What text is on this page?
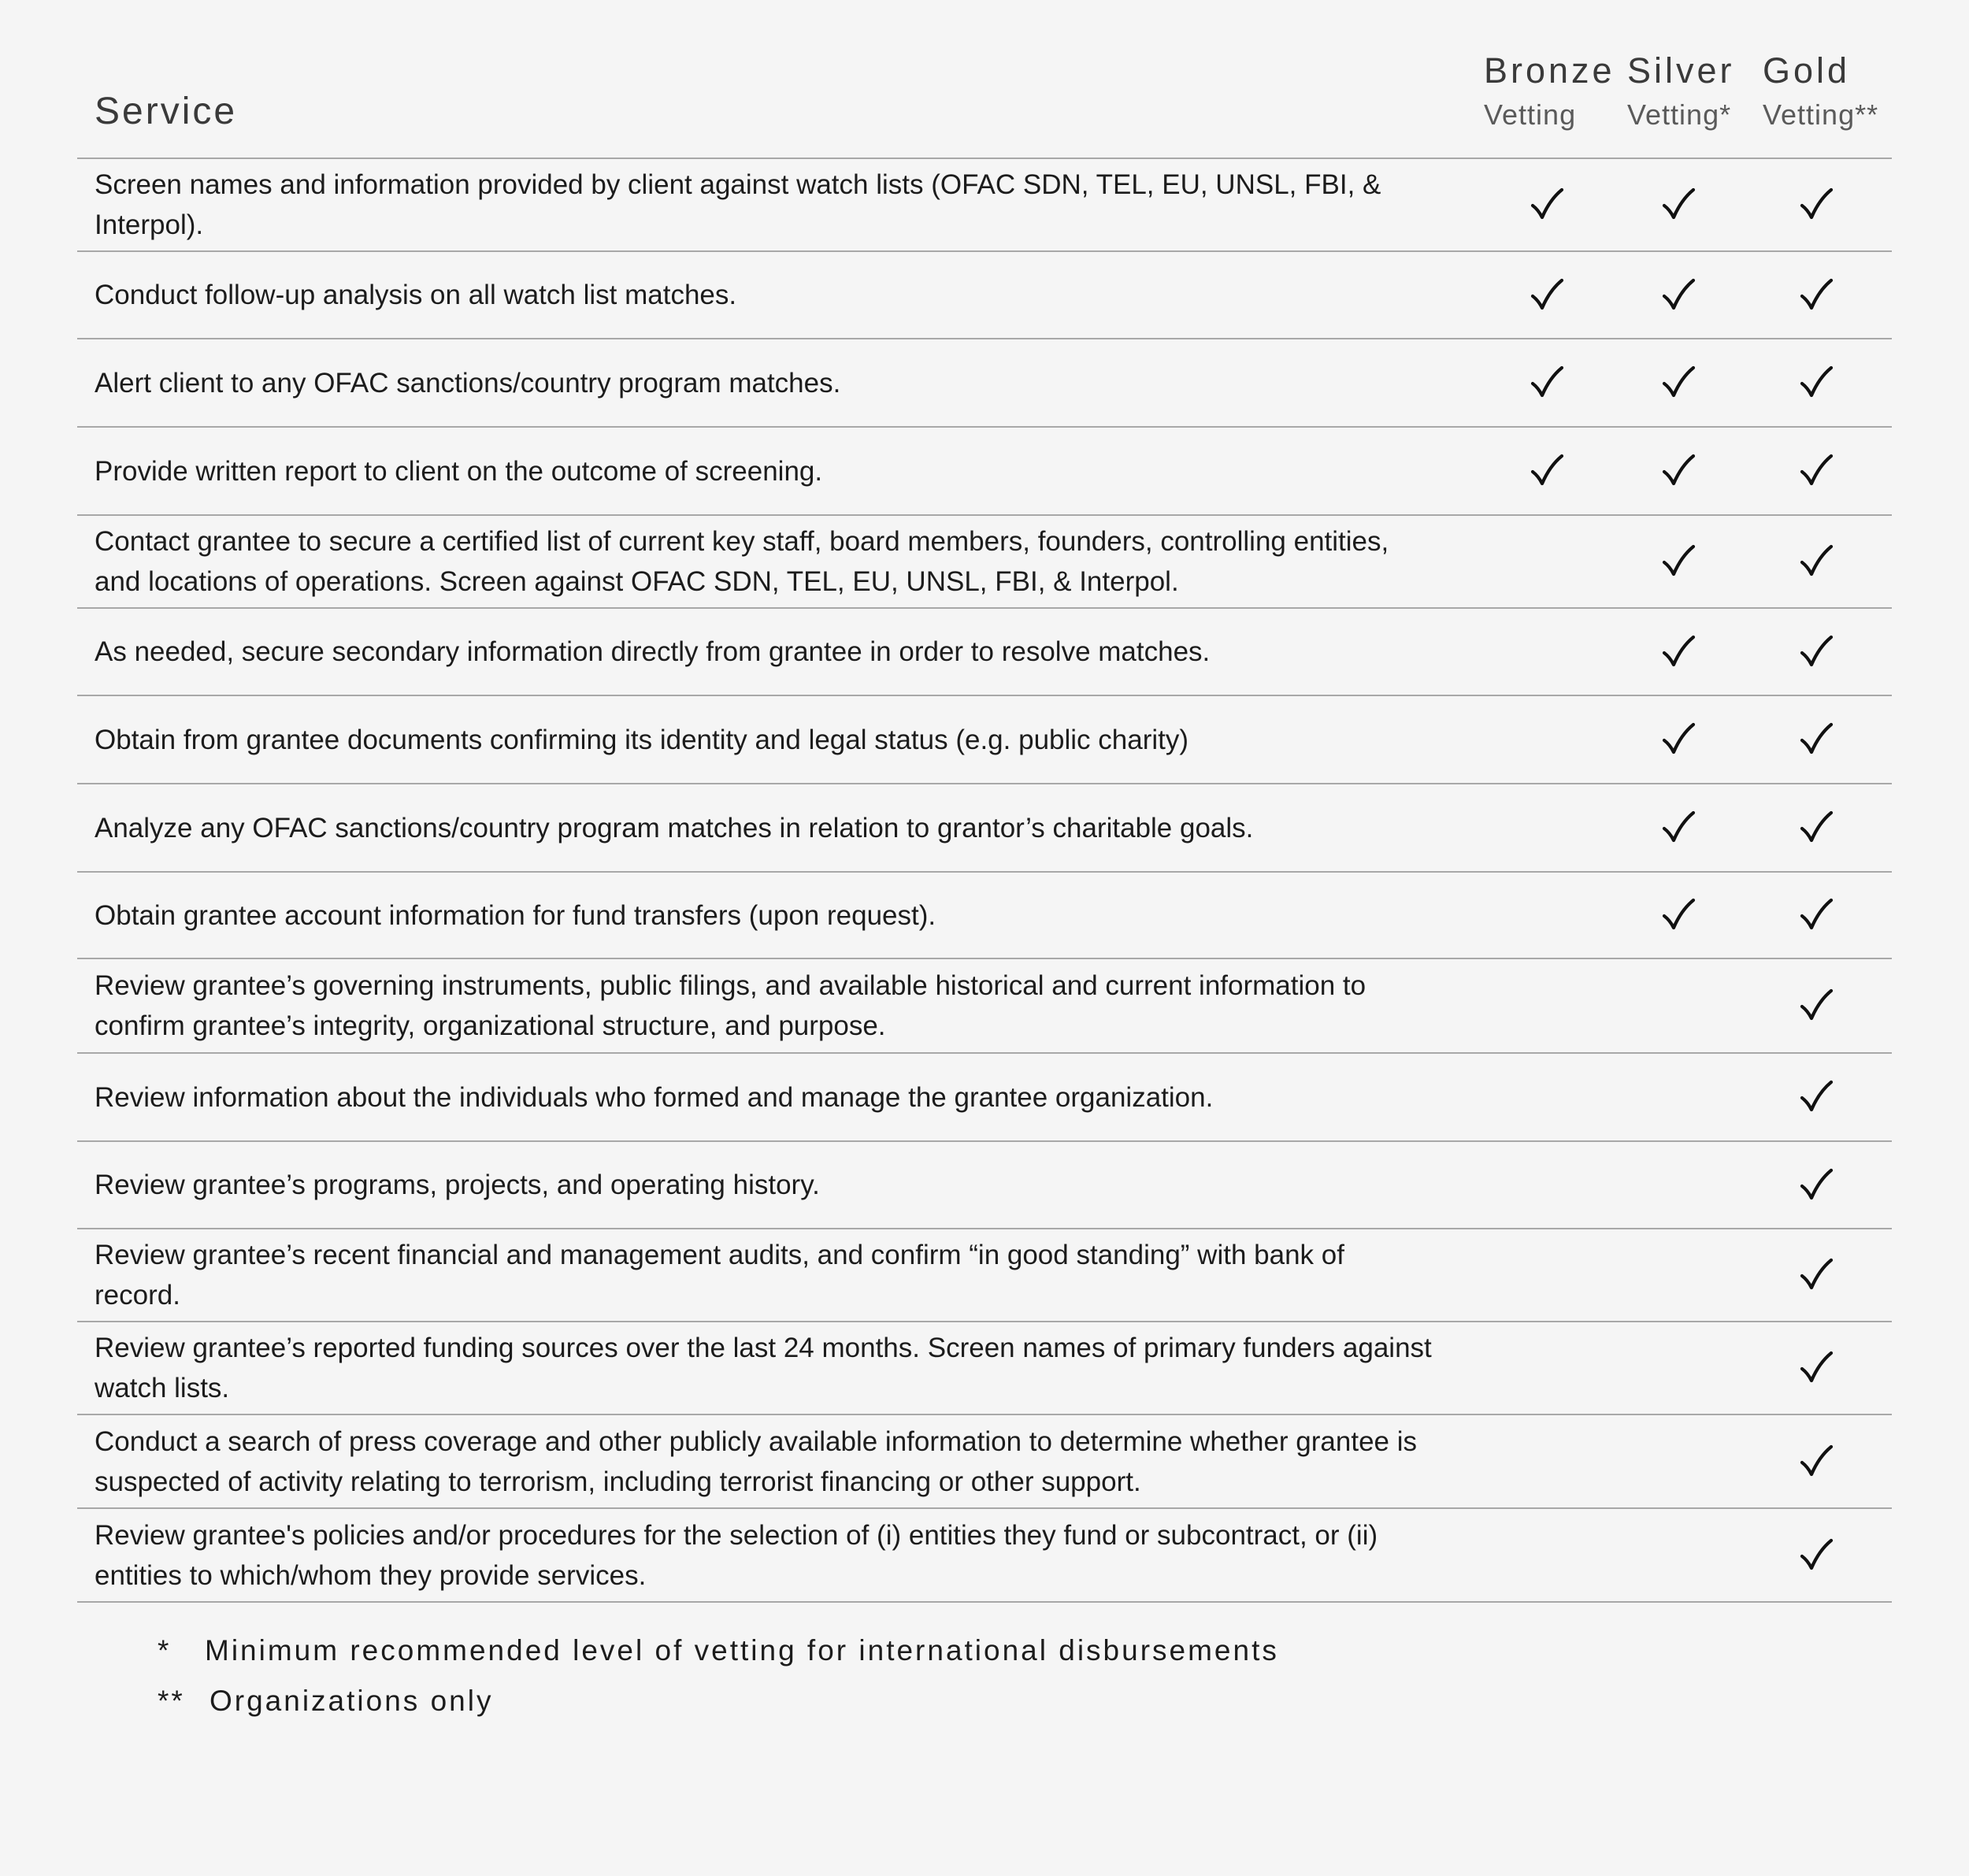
Service
Bronze
Vetting
Silver
Vetting*
Gold
Vetting**
Screen names and information provided by client against watch lists (OFAC SDN, TEL, EU, UNSL, FBI, & Interpol).
Conduct follow-up analysis on all watch list matches.
Alert client to any OFAC sanctions/country program matches.
Provide written report to client on the outcome of screening.
Contact grantee to secure a certified list of current key staff, board members, founders, controlling entities, and locations of operations. Screen against OFAC SDN, TEL, EU, UNSL, FBI, & Interpol.
As needed, secure secondary information directly from grantee in order to resolve matches.
Obtain from grantee documents confirming its identity and legal status (e.g. public charity)
Analyze any OFAC sanctions/country program matches in relation to grantor’s charitable goals.
Obtain grantee account information for fund transfers (upon request).
Review grantee’s governing instruments, public filings, and available historical and current information to confirm grantee’s integrity, organizational structure, and purpose.
Review information about the individuals who formed and manage the grantee organization.
Review grantee’s programs, projects, and operating history.
Review grantee’s recent financial and management audits, and confirm “in good standing” with bank of record.
Review grantee’s reported funding sources over the last 24 months. Screen names of primary funders against watch lists.
Conduct a search of press coverage and other publicly available information to determine whether grantee is suspected of activity relating to terrorism, including terrorist financing or other support.
Review grantee's policies and/or procedures for the selection of (i) entities they fund or subcontract, or (ii) entities to which/whom they provide services.
*	Minimum recommended level of vetting for international disbursements
** Organizations only
